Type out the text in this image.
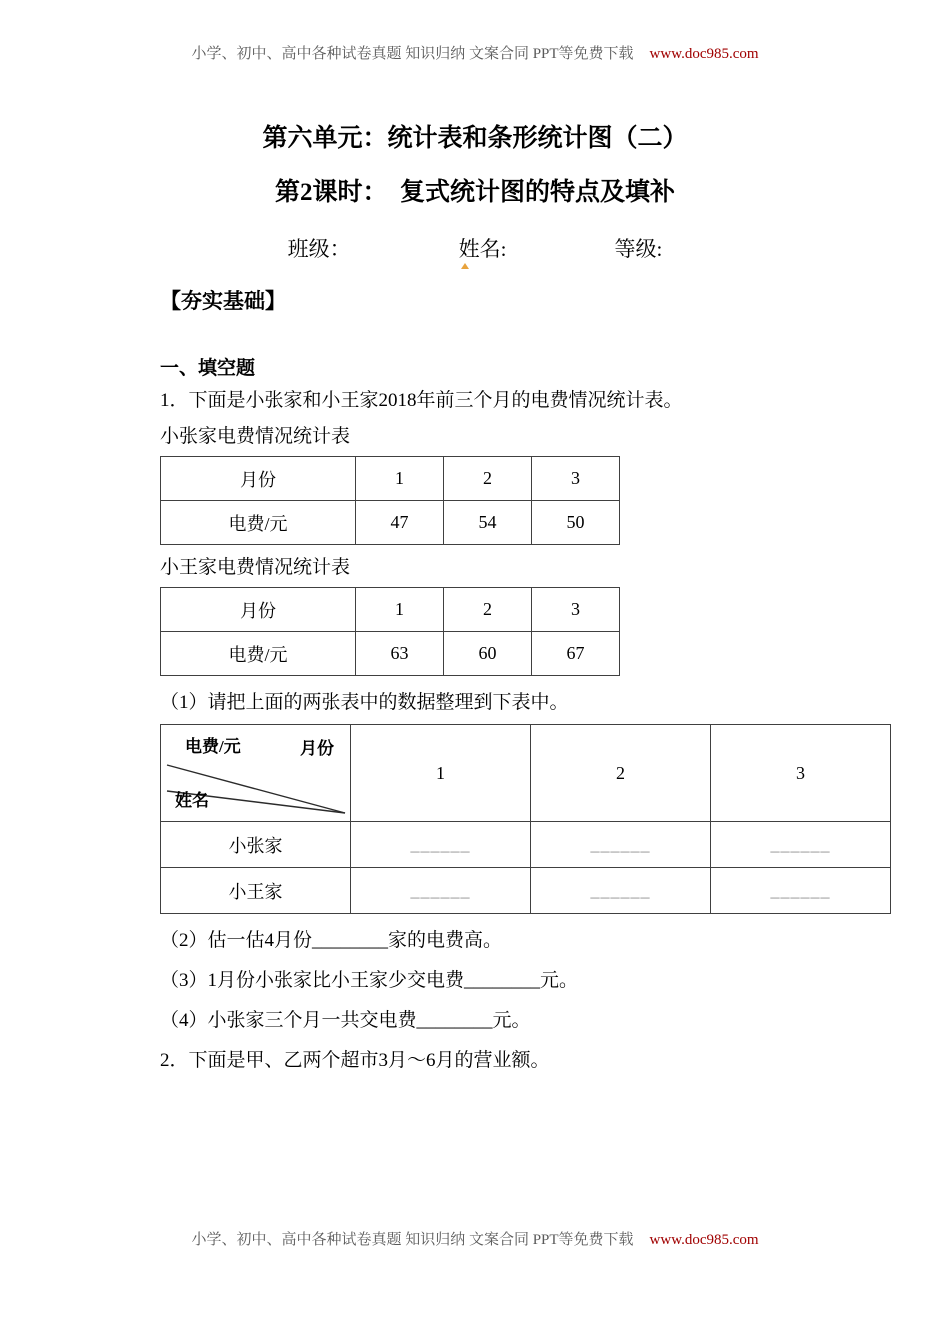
小学、初中、高中各种试卷真题 知识归纳 文案合同 PPT等免费下载 www.doc985.com
第六单元：统计表和条形统计图（二）
第2课时：　复式统计图的特点及填补
班级：	姓名:	等级:
【夯实基础】
一、填空题

1．下面是小张家和小王家2018年前三个月的电费情况统计表。

小张家电费情况统计表

月份	1	2	3
电费/元	47	54	50

小王家电费情况统计表

月份	1	2	3
电费/元	63	60	67

（1）请把上面的两张表中的数据整理到下表中。

电费/元 月份
姓名	1	2	3
小张家	______	______	______
小王家	______	______	______

（2）估一估4月份________家的电费高。

（3）1月份小张家比小王家少交电费________元。

（4）小张家三个月一共交电费________元。

2．下面是甲、乙两个超市3月～6月的营业额。

小学、初中、高中各种试卷真题 知识归纳 文案合同 PPT等免费下载 www.doc985.com
